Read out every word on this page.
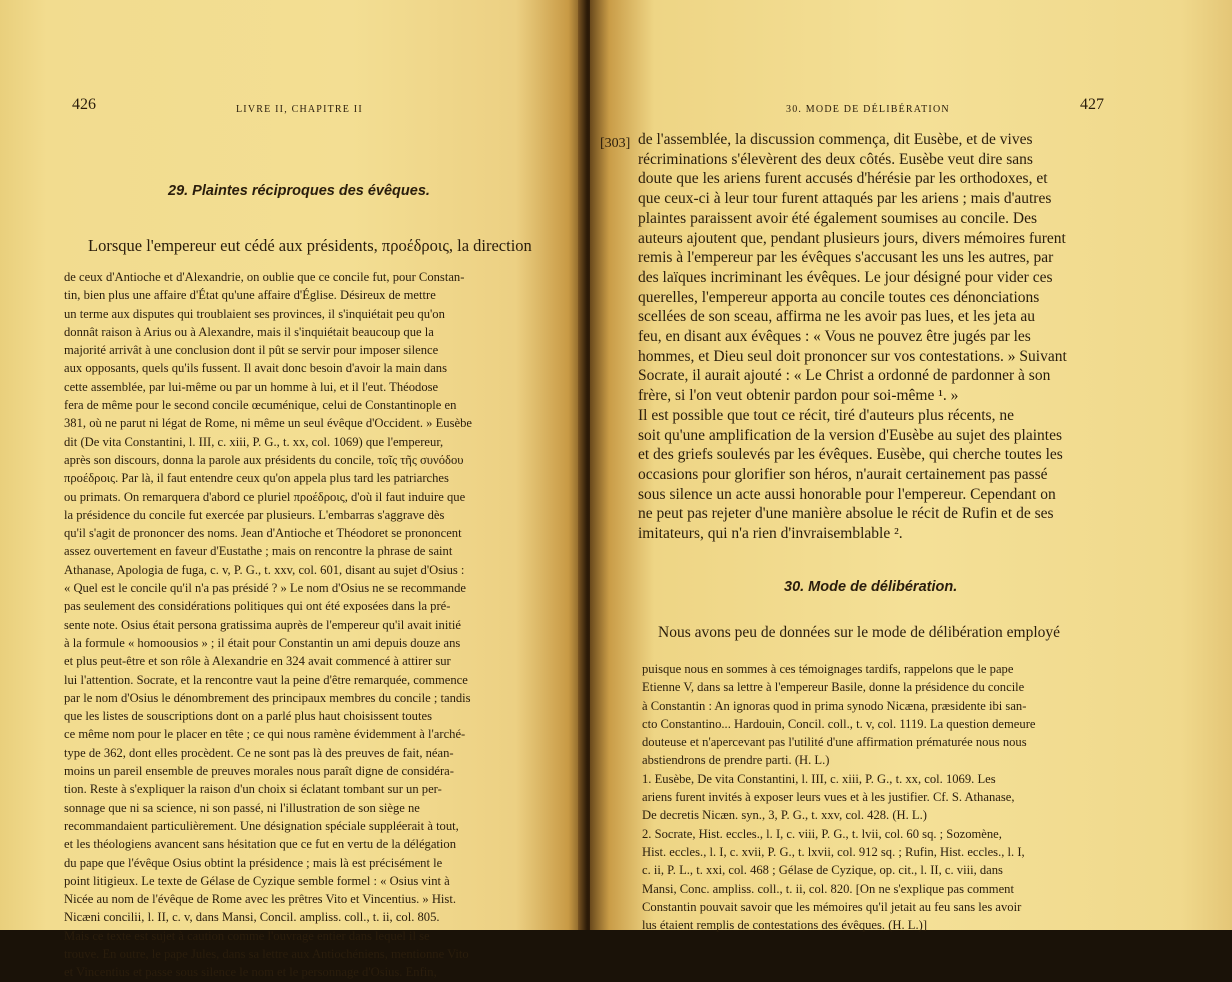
426	LIVRE II, CHAPITRE II
29. Plaintes réciproques des évêques.
Lorsque l'empereur eut cédé aux présidents, προέδροις, la direction
de ceux d'Antioche et d'Alexandrie, on oublie que ce concile fut, pour Constan-
tin, bien plus une affaire d'État qu'une affaire d'Église. Désireux de mettre
un terme aux disputes qui troublaient ses provinces, il s'inquiétait peu qu'on
donnât raison à Arius ou à Alexandre, mais il s'inquiétait beaucoup que la
majorité arrivât à une conclusion dont il pût se servir pour imposer silence
aux opposants, quels qu'ils fussent. Il avait donc besoin d'avoir la main dans
cette assemblée, par lui-même ou par un homme à lui, et il l'eut. Théodose
fera de même pour le second concile œcuménique, celui de Constantinople en
381, où ne parut ni légat de Rome, ni même un seul évêque d'Occident. » Eusèbe
dit (De vita Constantini, l. III, c. xiii, P. G., t. xx, col. 1069) que l'empereur,
après son discours, donna la parole aux présidents du concile, τοῖς τῆς συνόδου
προέδροις. Par là, il faut entendre ceux qu'on appela plus tard les patriarches
ou primats. On remarquera d'abord ce pluriel προέδροις, d'où il faut induire que
la présidence du concile fut exercée par plusieurs. L'embarras s'aggrave dès
qu'il s'agit de prononcer des noms. Jean d'Antioche et Théodoret se prononcent
assez ouvertement en faveur d'Eustathe ; mais on rencontre la phrase de saint
Athanase, Apologia de fuga, c. v, P. G., t. xxv, col. 601, disant au sujet d'Osius :
« Quel est le concile qu'il n'a pas présidé ? » Le nom d'Osius ne se recommande
pas seulement des considérations politiques qui ont été exposées dans la pré-
sente note. Osius était persona gratissima auprès de l'empereur qu'il avait initié
à la formule « homoousios » ; il était pour Constantin un ami depuis douze ans
et plus peut-être et son rôle à Alexandrie en 324 avait commencé à attirer sur
lui l'attention. Socrate, et la rencontre vaut la peine d'être remarquée, commence
par le nom d'Osius le dénombrement des principaux membres du concile ; tandis
que les listes de souscriptions dont on a parlé plus haut choisissent toutes
ce même nom pour le placer en tête ; ce qui nous ramène évidemment à l'arché-
type de 362, dont elles procèdent. Ce ne sont pas là des preuves de fait, néan-
moins un pareil ensemble de preuves morales nous paraît digne de considéra-
tion. Reste à s'expliquer la raison d'un choix si éclatant tombant sur un per-
sonnage que ni sa science, ni son passé, ni l'illustration de son siège ne
recommandaient particulièrement. Une désignation spéciale suppléerait à tout,
et les théologiens avancent sans hésitation que ce fut en vertu de la délégation
du pape que l'évêque Osius obtint la présidence ; mais là est précisément le
point litigieux. Le texte de Gélase de Cyzique semble formel : « Osius vint à
Nicée au nom de l'évêque de Rome avec les prêtres Vito et Vincentius. » Hist.
Nicæni concilii, l. II, c. v, dans Mansi, Concil. ampliss. coll., t. ii, col. 805.
Mais ce texte est sujet à caution comme l'ouvrage entier dans lequel il se
trouve. En outre, le pape Jules, dans sa lettre aux Antiochéniens, mentionne Vito
et Vincentius et passe sous silence le nom et le personnage d'Osius. Enfin,
30. MODE DE DÉLIBÉRATION	427
de l'assemblée, la discussion commença, dit Eusèbe, et de vives
récriminations s'élevèrent des deux côtés. Eusèbe veut dire sans
doute que les ariens furent accusés d'hérésie par les orthodoxes, et
que ceux-ci à leur tour furent attaqués par les ariens ; mais d'autres
plaintes paraissent avoir été également soumises au concile. Des
auteurs ajoutent que, pendant plusieurs jours, divers mémoires furent
remis à l'empereur par les évêques s'accusant les uns les autres, par
des laïques incriminant les évêques. Le jour désigné pour vider ces
querelles, l'empereur apporta au concile toutes ces dénonciations
scellées de son sceau, affirma ne les avoir pas lues, et les jeta au
feu, en disant aux évêques : « Vous ne pouvez être jugés par les
hommes, et Dieu seul doit prononcer sur vos contestations. » Suivant
Socrate, il aurait ajouté : « Le Christ a ordonné de pardonner à son
frère, si l'on veut obtenir pardon pour soi-même ¹. »
Il est possible que tout ce récit, tiré d'auteurs plus récents, ne
soit qu'une amplification de la version d'Eusèbe au sujet des plaintes
et des griefs soulevés par les évêques. Eusèbe, qui cherche toutes les
occasions pour glorifier son héros, n'aurait certainement pas passé
sous silence un acte aussi honorable pour l'empereur. Cependant on
ne peut pas rejeter d'une manière absolue le récit de Rufin et de ses
imitateurs, qui n'a rien d'invraisemblable ².
30. Mode de délibération.
Nous avons peu de données sur le mode de délibération employé
puisque nous en sommes à ces témoignages tardifs, rappelons que le pape
Etienne V, dans sa lettre à l'empereur Basile, donne la présidence du concile
à Constantin : An ignoras quod in prima synodo Nicæna, præsidente ibi san-
cto Constantino... Hardouin, Concil. coll., t. v, col. 1119. La question demeure
douteuse et n'apercevant pas l'utilité d'une affirmation prématurée nous nous
abstiendrons de prendre parti. (H. L.)
1. Eusèbe, De vita Constantini, l. III, c. xiii, P. G., t. xx, col. 1069. Les
ariens furent invités à exposer leurs vues et à les justifier. Cf. S. Athanase,
De decretis Nicæn. syn., 3, P. G., t. xxv, col. 428. (H. L.)
2. Socrate, Hist. eccles., l. I, c. viii, P. G., t. lvii, col. 60 sq. ; Sozomène,
Hist. eccles., l. I, c. xvii, P. G., t. lxvii, col. 912 sq. ; Rufin, Hist. eccles., l. I,
c. ii, P. L., t. xxi, col. 468 ; Gélase de Cyzique, op. cit., l. II, c. viii, dans
Mansi, Conc. ampliss. coll., t. ii, col. 820. [On ne s'explique pas comment
Constantin pouvait savoir que les mémoires qu'il jetait au feu sans les avoir
lus étaient remplis de contestations des évêques. (H. L.)]
[303]
